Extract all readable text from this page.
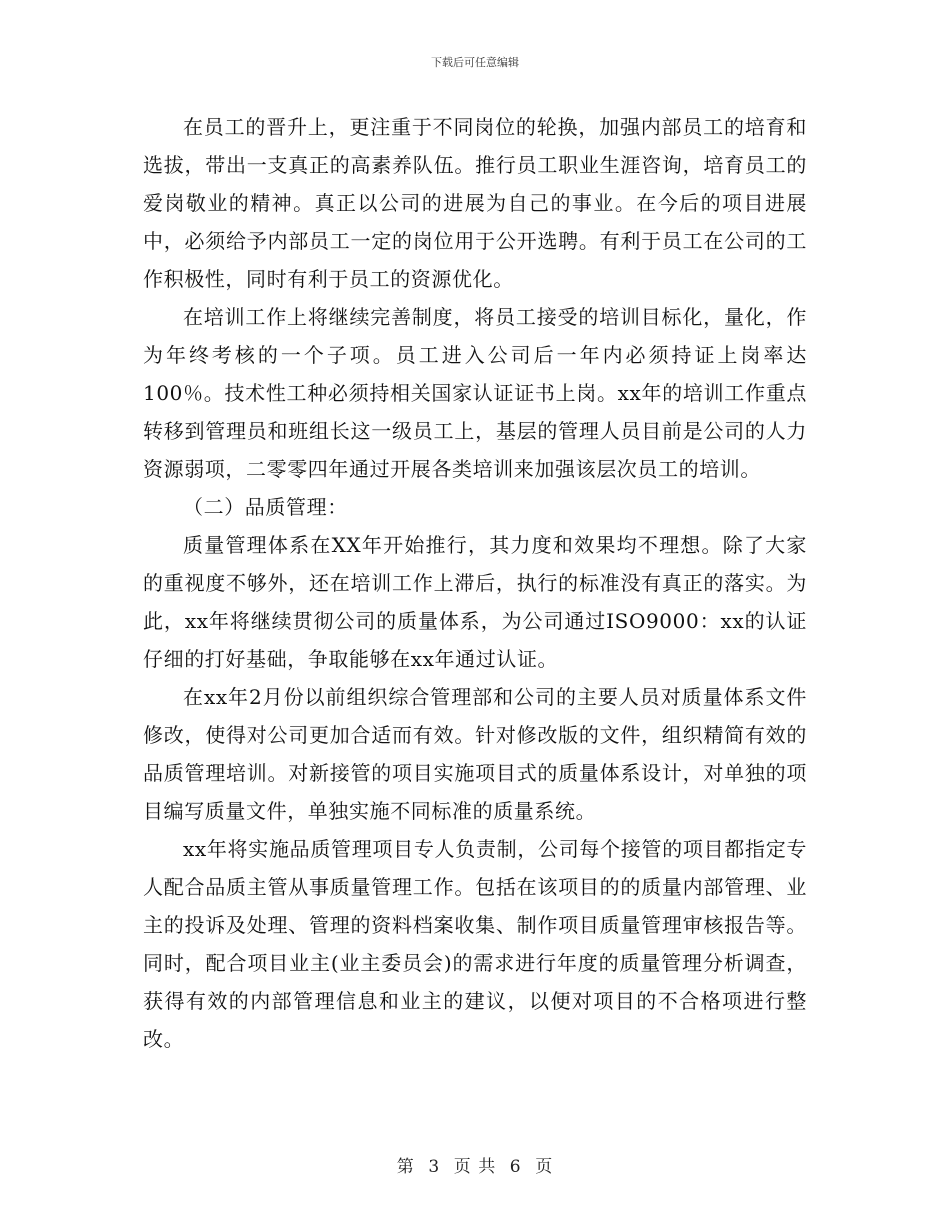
下载后可任意编辑

在员工的晋升上，更注重于不同岗位的轮换，加强内部员工的培育和选拔，带出一支真正的高素养队伍。推行员工职业生涯咨询，培育员工的爱岗敬业的精神。真正以公司的进展为自己的事业。在今后的项目进展中，必须给予内部员工一定的岗位用于公开选聘。有利于员工在公司的工作积极性，同时有利于员工的资源优化。

在培训工作上将继续完善制度，将员工接受的培训目标化，量化，作为年终考核的一个子项。员工进入公司后一年内必须持证上岗率达100％。技术性工种必须持相关国家认证证书上岗。xx年的培训工作重点转移到管理员和班组长这一级员工上，基层的管理人员目前是公司的人力资源弱项，二零零四年通过开展各类培训来加强该层次员工的培训。

（二）品质管理：

质量管理体系在XX年开始推行，其力度和效果均不理想。除了大家的重视度不够外，还在培训工作上滞后，执行的标准没有真正的落实。为此，xx年将继续贯彻公司的质量体系，为公司通过ISO9000：xx的认证仔细的打好基础，争取能够在xx年通过认证。

在xx年2月份以前组织综合管理部和公司的主要人员对质量体系文件修改，使得对公司更加合适而有效。针对修改版的文件，组织精简有效的品质管理培训。对新接管的项目实施项目式的质量体系设计，对单独的项目编写质量文件，单独实施不同标准的质量系统。

xx年将实施品质管理项目专人负责制，公司每个接管的项目都指定专人配合品质主管从事质量管理工作。包括在该项目的的质量内部管理、业主的投诉及处理、管理的资料档案收集、制作项目质量管理审核报告等。同时，配合项目业主(业主委员会)的需求进行年度的质量管理分析调查，获得有效的内部管理信息和业主的建议，以便对项目的不合格项进行整改。

第 3 页 共 6 页
